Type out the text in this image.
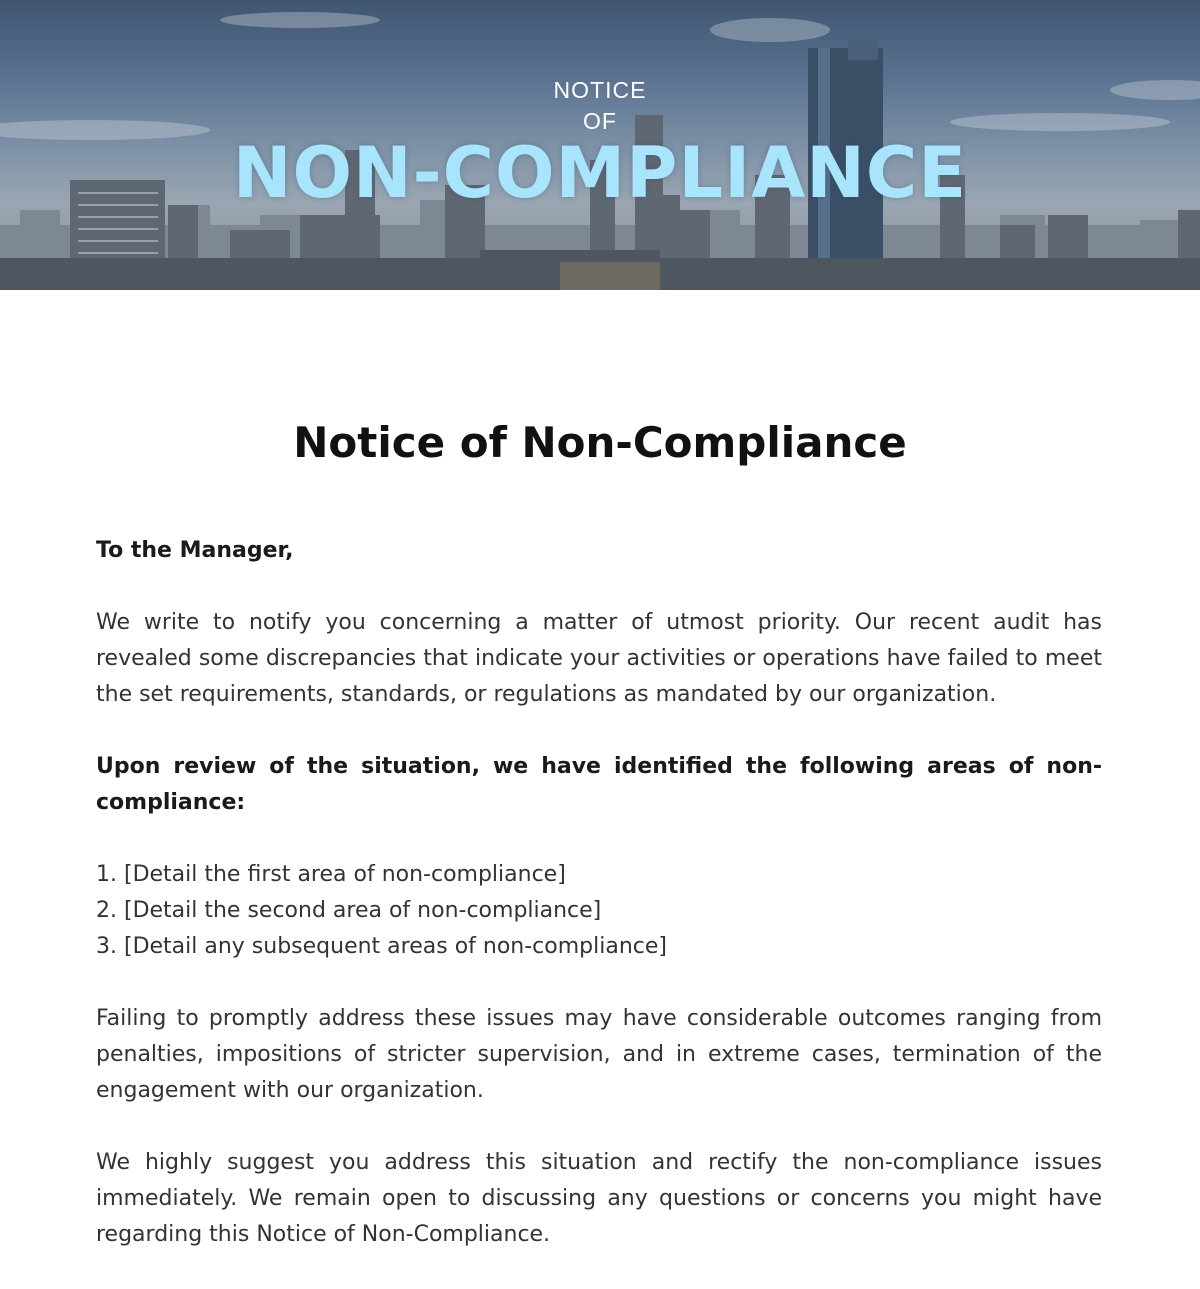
NOTICE
OF
NON-COMPLIANCE
Notice of Non-Compliance

To the Manager,

We write to notify you concerning a matter of utmost priority. Our recent audit has revealed some discrepancies that indicate your activities or operations have failed to meet the set requirements, standards, or regulations as mandated by our organization.

Upon review of the situation, we have identified the following areas of non-compliance:

1. [Detail the first area of non-compliance]
2. [Detail the second area of non-compliance]
3. [Detail any subsequent areas of non-compliance]

Failing to promptly address these issues may have considerable outcomes ranging from penalties, impositions of stricter supervision, and in extreme cases, termination of the engagement with our organization.

We highly suggest you address this situation and rectify the non-compliance issues immediately. We remain open to discussing any questions or concerns you might have regarding this Notice of Non-Compliance.
